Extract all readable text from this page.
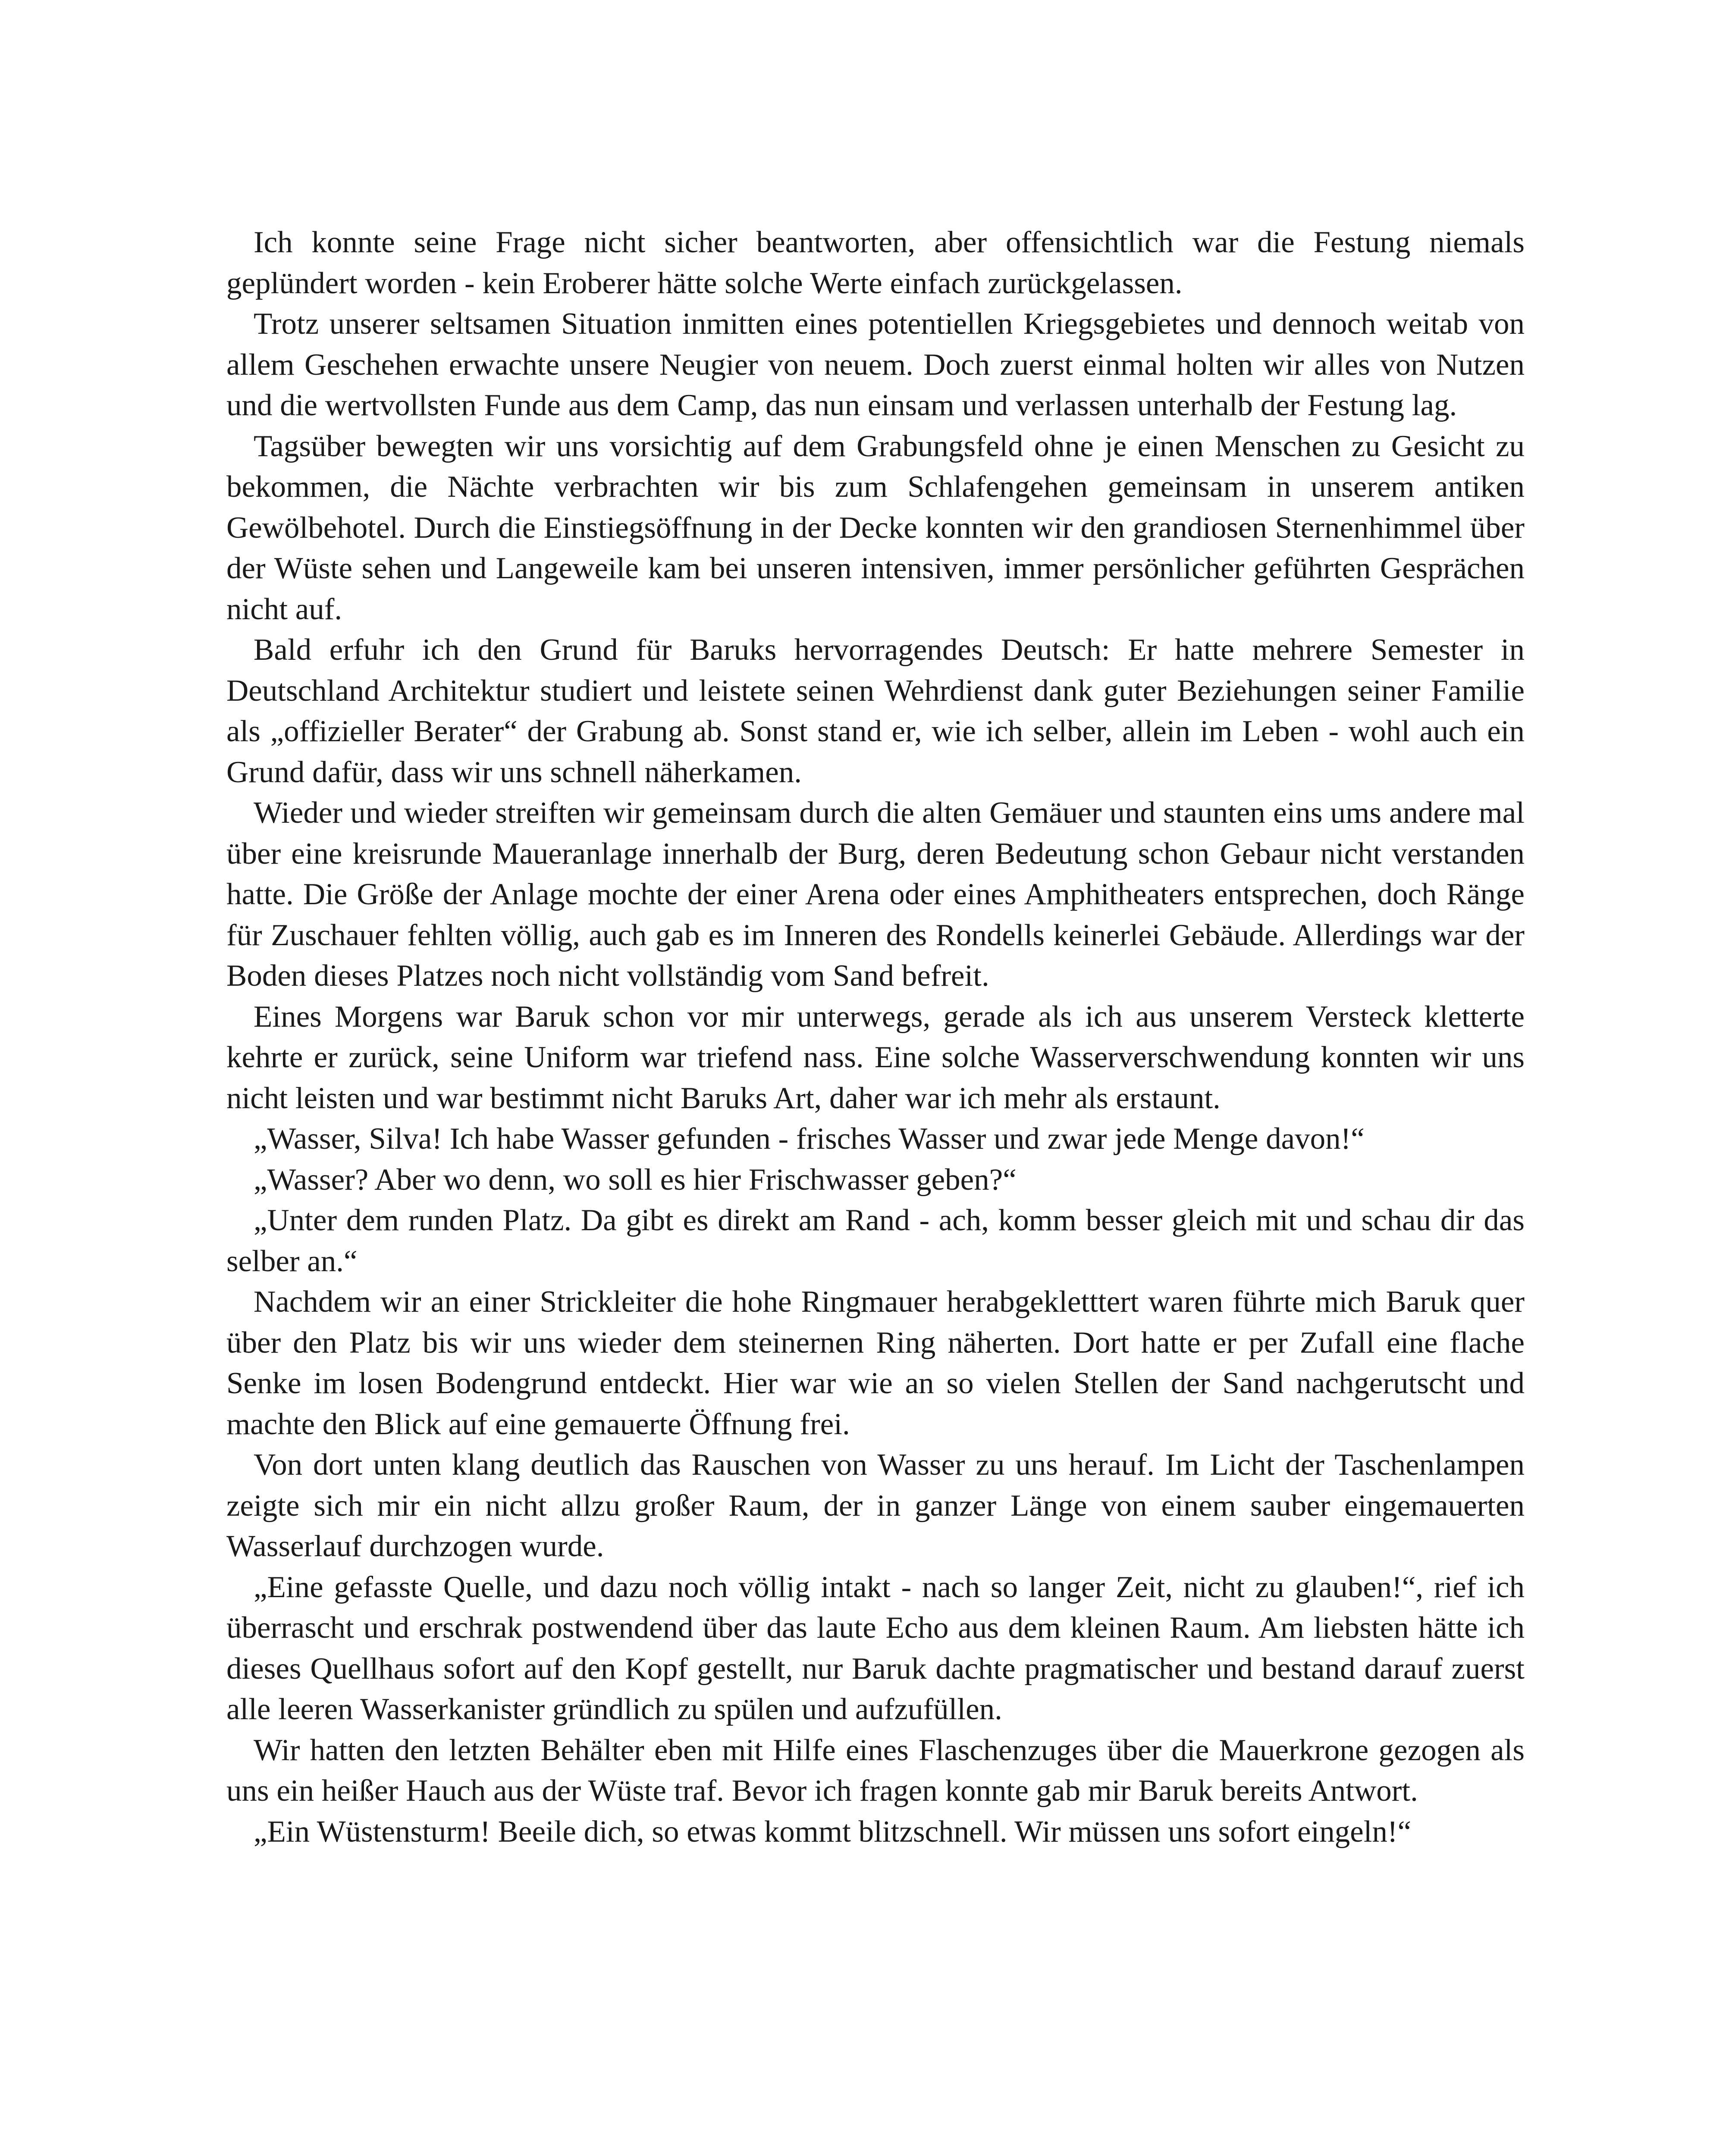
Ich konnte seine Frage nicht sicher beantworten, aber offensichtlich war die Festung niemals geplündert worden - kein Eroberer hätte solche Werte einfach zurückgelassen.

Trotz unserer seltsamen Situation inmitten eines potentiellen Kriegsgebietes und dennoch weitab von allem Geschehen erwachte unsere Neugier von neuem. Doch zuerst einmal holten wir alles von Nutzen und die wertvollsten Funde aus dem Camp, das nun einsam und verlassen unterhalb der Festung lag.

Tagsüber bewegten wir uns vorsichtig auf dem Grabungsfeld ohne je einen Menschen zu Gesicht zu bekommen, die Nächte verbrachten wir bis zum Schlafengehen gemeinsam in unserem antiken Gewölbehotel. Durch die Einstiegsöffnung in der Decke konnten wir den grandiosen Sternenhimmel über der Wüste sehen und Langeweile kam bei unseren intensiven, immer persönlicher geführten Gesprächen nicht auf.

Bald erfuhr ich den Grund für Baruks hervorragendes Deutsch: Er hatte mehrere Semester in Deutschland Architektur studiert und leistete seinen Wehrdienst dank guter Beziehungen seiner Familie als „offizieller Berater“ der Grabung ab. Sonst stand er, wie ich selber, allein im Leben - wohl auch ein Grund dafür, dass wir uns schnell näherkamen.

Wieder und wieder streiften wir gemeinsam durch die alten Gemäuer und staunten eins ums andere mal über eine kreisrunde Maueranlage innerhalb der Burg, deren Bedeutung schon Gebaur nicht verstanden hatte. Die Größe der Anlage mochte der einer Arena oder eines Amphitheaters entsprechen, doch Ränge für Zuschauer fehlten völlig, auch gab es im Inneren des Rondells keinerlei Gebäude. Allerdings war der Boden dieses Platzes noch nicht vollständig vom Sand befreit.

Eines Morgens war Baruk schon vor mir unterwegs, gerade als ich aus unserem Versteck kletterte kehrte er zurück, seine Uniform war triefend nass. Eine solche Wasserverschwendung konnten wir uns nicht leisten und war bestimmt nicht Baruks Art, daher war ich mehr als erstaunt.

„Wasser, Silva! Ich habe Wasser gefunden - frisches Wasser und zwar jede Menge davon!“

„Wasser? Aber wo denn, wo soll es hier Frischwasser geben?“

„Unter dem runden Platz. Da gibt es direkt am Rand - ach, komm besser gleich mit und schau dir das selber an.“

Nachdem wir an einer Strickleiter die hohe Ringmauer herabgekletttert waren führte mich Baruk quer über den Platz bis wir uns wieder dem steinernen Ring näherten. Dort hatte er per Zufall eine flache Senke im losen Bodengrund entdeckt. Hier war wie an so vielen Stellen der Sand nachgerutscht und machte den Blick auf eine gemauerte Öffnung frei.

Von dort unten klang deutlich das Rauschen von Wasser zu uns herauf. Im Licht der Taschenlampen zeigte sich mir ein nicht allzu großer Raum, der in ganzer Länge von einem sauber eingemauerten Wasserlauf durchzogen wurde.

„Eine gefasste Quelle, und dazu noch völlig intakt - nach so langer Zeit, nicht zu glauben!“, rief ich überrascht und erschrak postwendend über das laute Echo aus dem kleinen Raum. Am liebsten hätte ich dieses Quellhaus sofort auf den Kopf gestellt, nur Baruk dachte pragmatischer und bestand darauf zuerst alle leeren Wasserkanister gründlich zu spülen und aufzufüllen.

Wir hatten den letzten Behälter eben mit Hilfe eines Flaschenzuges über die Mauerkrone gezogen als uns ein heißer Hauch aus der Wüste traf. Bevor ich fragen konnte gab mir Baruk bereits Antwort.

„Ein Wüstensturm! Beeile dich, so etwas kommt blitzschnell. Wir müssen uns sofort eingeln!“
